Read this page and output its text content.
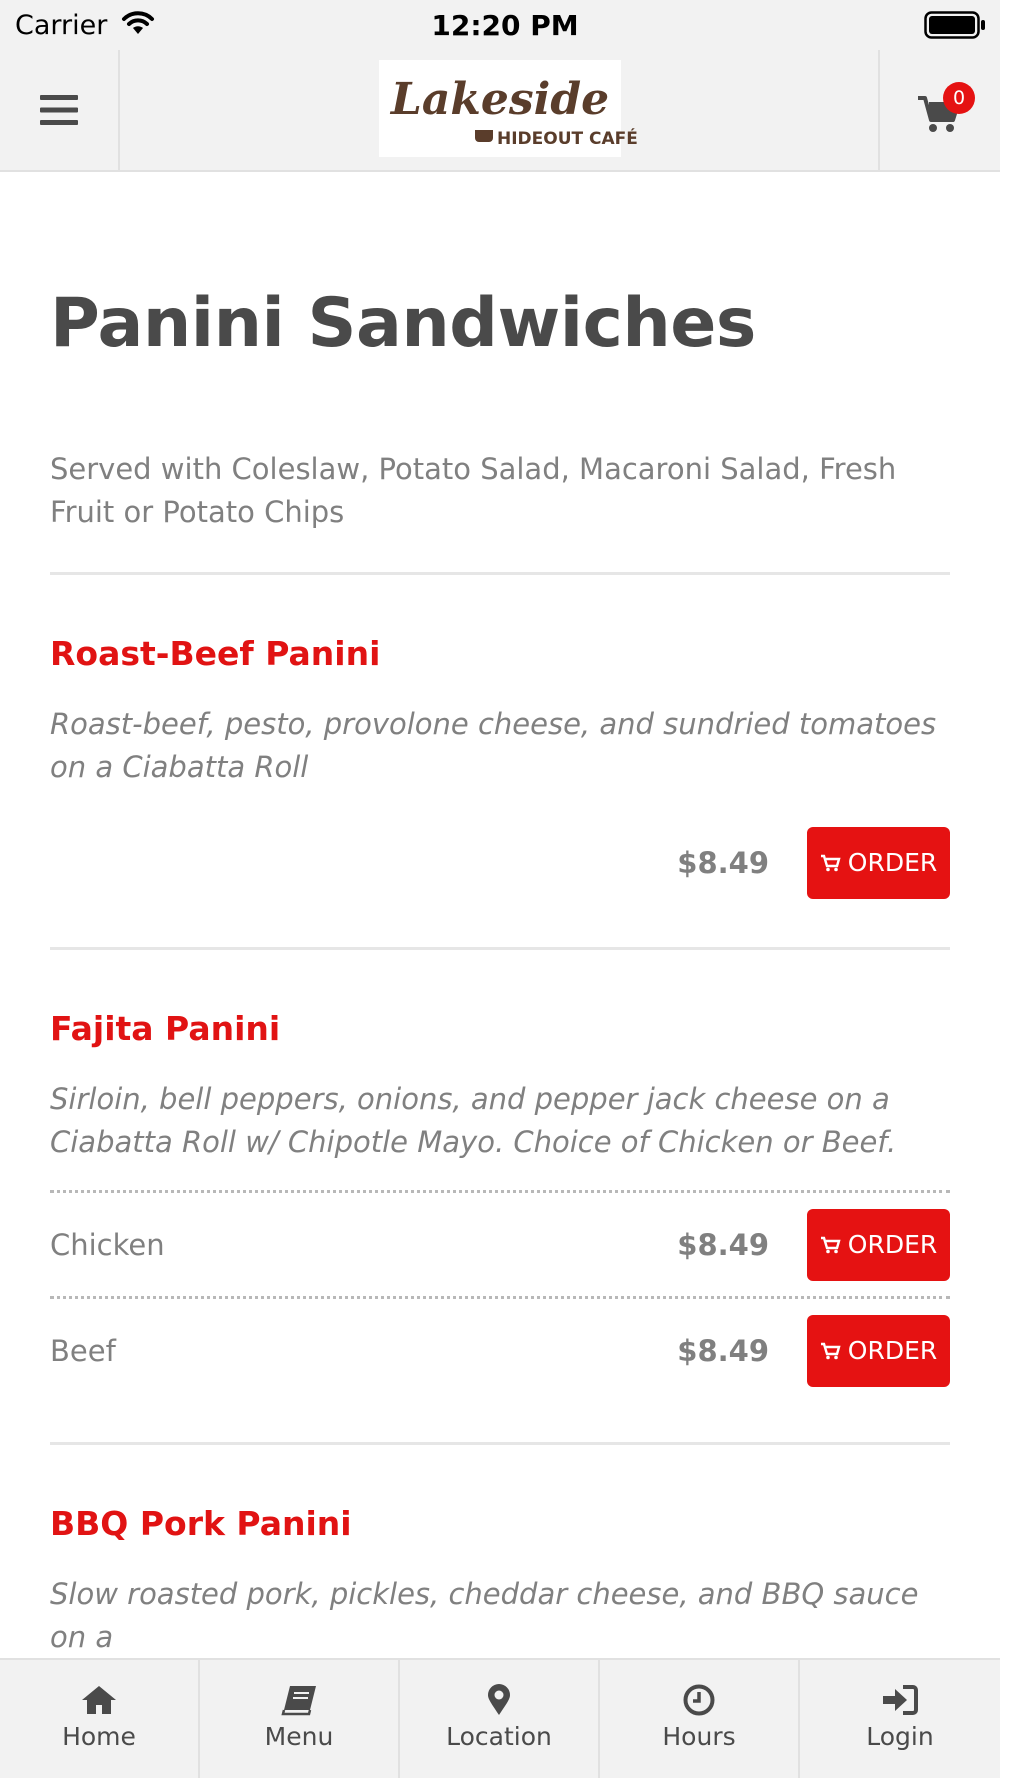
Carrier	12:20 PM
Lakeside
HIDEOUT CAFÉ
0
Panini Sandwiches

Served with Coleslaw, Potato Salad, Macaroni Salad, Fresh Fruit or Potato Chips

Roast-Beef Panini
Roast-beef, pesto, provolone cheese, and sundried tomatoes on a Ciabatta Roll
$8.49	ORDER
Fajita Panini
Sirloin, bell peppers, onions, and pepper jack cheese on a Ciabatta Roll w/ Chipotle Mayo. Choice of Chicken or Beef.
Chicken	$8.49	ORDER
Beef	$8.49	ORDER
BBQ Pork Panini
Slow roasted pork, pickles, cheddar cheese, and BBQ sauce on a
Home	Menu	Location	Hours	Login
